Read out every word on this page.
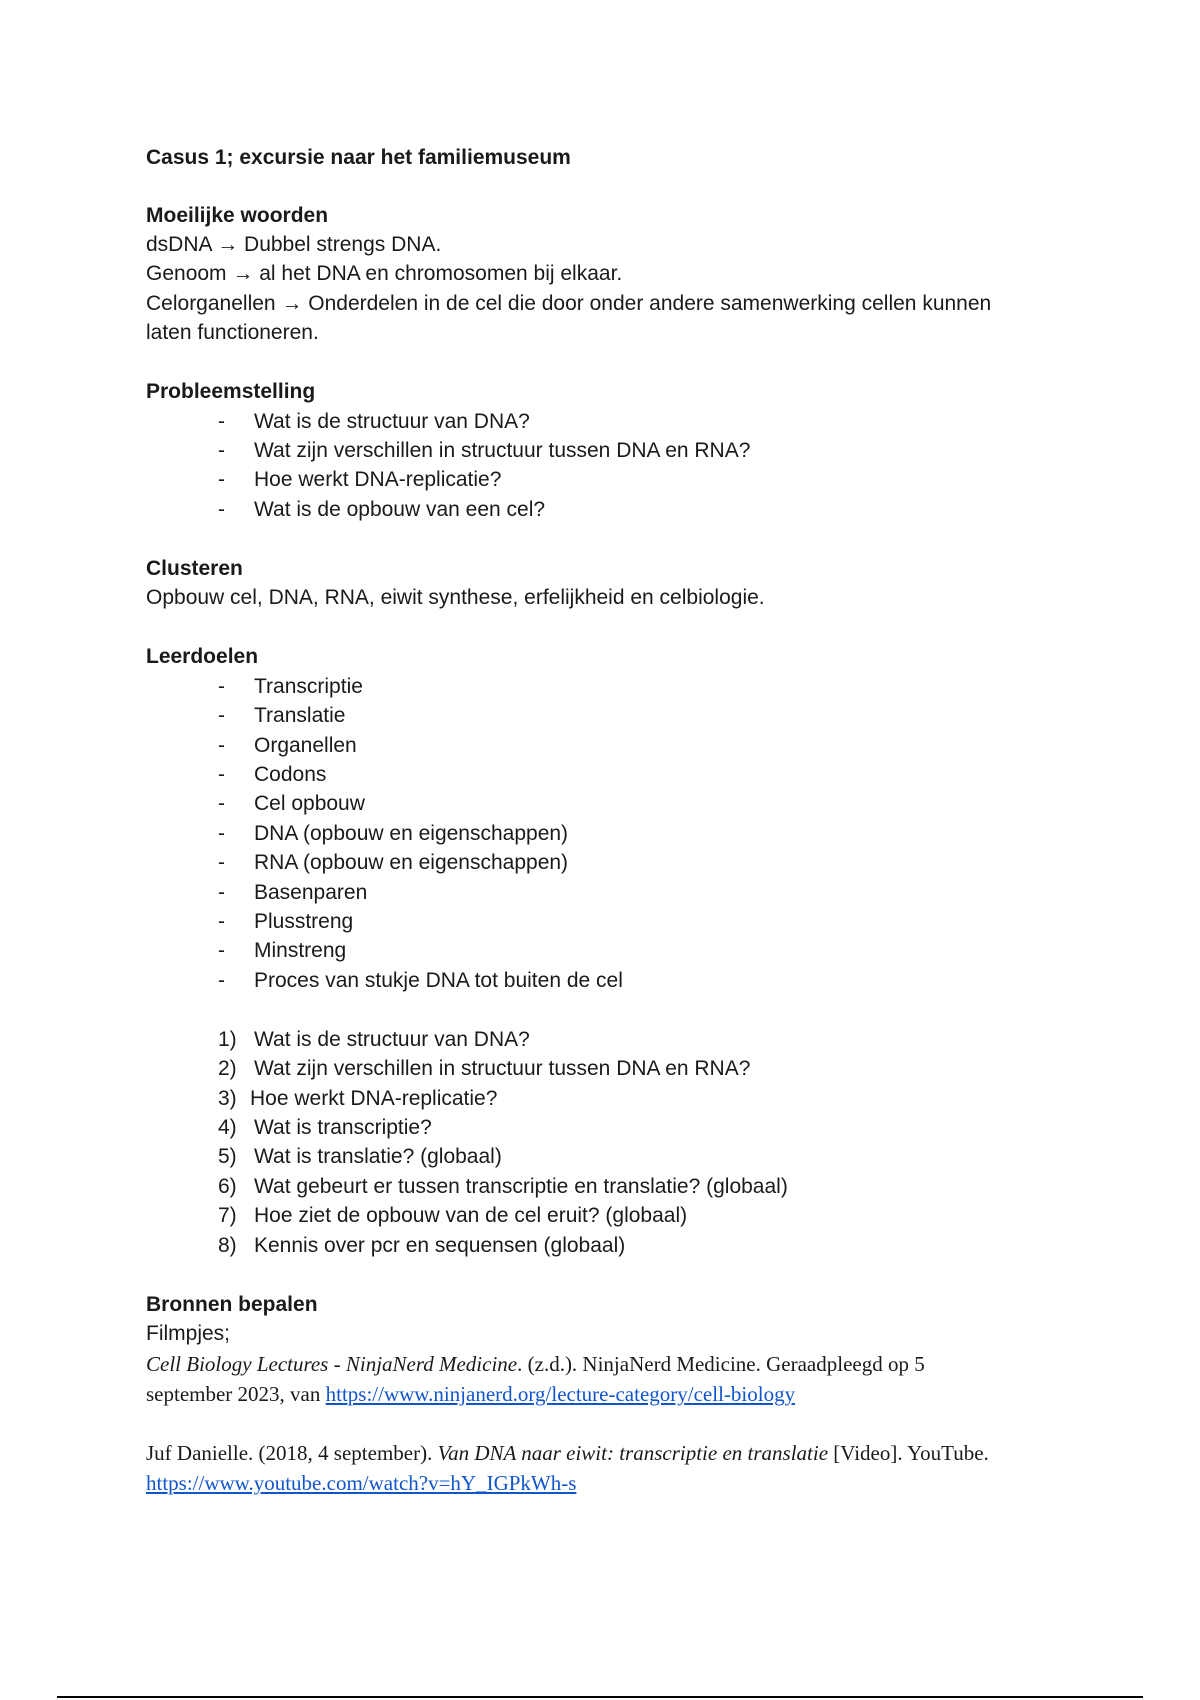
Casus 1; excursie naar het familiemuseum
Moeilijke woorden
dsDNA → Dubbel strengs DNA.
Genoom → al het DNA en chromosomen bij elkaar.
Celorganellen → Onderdelen in de cel die door onder andere samenwerking cellen kunnen
laten functioneren.
Probleemstelling
- Wat is de structuur van DNA?
- Wat zijn verschillen in structuur tussen DNA en RNA?
- Hoe werkt DNA-replicatie?
- Wat is de opbouw van een cel?
Clusteren
Opbouw cel, DNA, RNA, eiwit synthese, erfelijkheid en celbiologie.
Leerdoelen
- Transcriptie
- Translatie
- Organellen
- Codons
- Cel opbouw
- DNA (opbouw en eigenschappen)
- RNA (opbouw en eigenschappen)
- Basenparen
- Plusstreng
- Minstreng
- Proces van stukje DNA tot buiten de cel
1) Wat is de structuur van DNA?
2) Wat zijn verschillen in structuur tussen DNA en RNA?
3) Hoe werkt DNA-replicatie?
4) Wat is transcriptie?
5) Wat is translatie? (globaal)
6) Wat gebeurt er tussen transcriptie en translatie? (globaal)
7) Hoe ziet de opbouw van de cel eruit? (globaal)
8) Kennis over pcr en sequensen (globaal)
Bronnen bepalen
Filmpjes;
Cell Biology Lectures - NinjaNerd Medicine. (z.d.). NinjaNerd Medicine. Geraadpleegd op 5
september 2023, van https://www.ninjanerd.org/lecture-category/cell-biology
Juf Danielle. (2018, 4 september). Van DNA naar eiwit: transcriptie en translatie [Video]. YouTube.
https://www.youtube.com/watch?v=hY_IGPkWh-s
